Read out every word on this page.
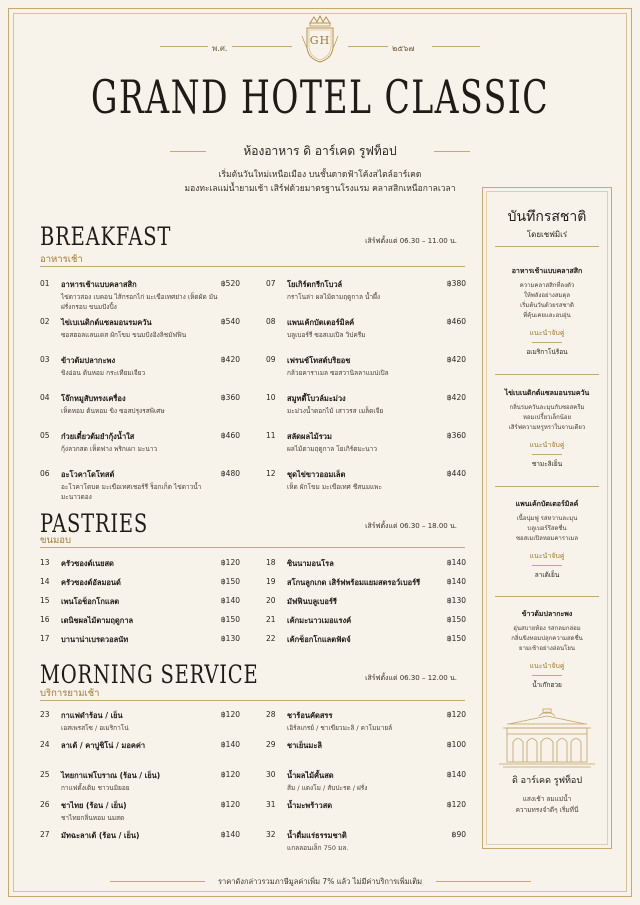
GH
พ.ศ.	๒๕๖๗
GRAND HOTEL CLASSIC
ห้องอาหาร ดิ อาร์เคด รูฟท็อป
เริ่มต้นวันใหม่เหนือเมือง บนชั้นดาดฟ้าโค้งสไตล์อาร์เคด
มองทะเลแม่น้ำยามเช้า เสิร์ฟด้วยมาตรฐานโรงแรม คลาสสิกเหนือกาลเวลา
BREAKFAST	เสิร์ฟตั้งแต่ 06.30 – 11.00 น.
อาหารเช้า
01 อาหารเช้าแบบคลาสสิก	฿520
ไข่ดาวสอง เบคอน ไส้กรอกไก่ มะเขือเทศย่าง เห็ดผัด มันฝรั่งกรอบ ขนมปังปิ้ง
02 ไข่เบเนดิกต์แซลมอนรมควัน	฿540
ซอสฮอลแลนเดส ผักโขม ขนมปังอิงลิชมัฟฟิน
03 ข้าวต้มปลากะพง	฿420
ขิงอ่อน ต้นหอม กระเทียมเจียว
04 โจ๊กหมูสับทรงเครื่อง	฿360
เห็ดหอม ต้นหอม ขิง ซอสปรุงรสพิเศษ
05 ก๋วยเตี๋ยวต้มยำกุ้งน้ำใส	฿460
กุ้งลวกสด เห็ดฟาง พริกเผา มะนาว
06 อะโวคาโดโทสต์	฿480
อะโวคาโดบด มะเขือเทศเชอร์รี ร็อกเก็ต ไข่ดาวน้ำ มะนาวดอง
07 โยเกิร์ตกรีกโบวล์	฿380
กราโนล่า ผลไม้ตามฤดูกาล น้ำผึ้ง
08 แพนเค้กบัตเตอร์มิลค์	฿460
บลูเบอร์รี ซอสเมเปิล วิปครีม
09 เฟรนช์โทสต์บริยอช	฿420
กล้วยคาราเมล ซอสวานิลลาแมปเปิล
10 สมูทตี้โบวล์มะม่วง	฿420
มะม่วงน้ำดอกไม้ เสาวรส เมล็ดเจีย
11 สลัดผลไม้รวม	฿360
ผลไม้ตามฤดูกาล โยเกิร์ตมะนาว
12 ชุดไข่ขาวออมเล็ต	฿440
เห็ด ผักโขม มะเขือเทศ ชีสนมแพะ
PASTRIES	เสิร์ฟตั้งแต่ 06.30 – 18.00 น.
ขนมอบ
13 ครัวซองต์เนยสด	฿120
14 ครัวซองต์อัลมอนด์	฿150
15 เพนโอช็อกโกแลต	฿140
16 เดนิชผลไม้ตามฤดูกาล	฿150
17 บานาน่าเบรดวอลนัท	฿130
18 ซินนามอนโรล	฿140
19 สโกนลูกเกด เสิร์ฟพร้อมแยมสตรอว์เบอร์รี	฿140
20 มัฟฟินบลูเบอร์รี	฿130
21 เค้กมะนาวเมอแรงค์	฿150
22 เค้กช็อกโกแลตฟัดจ์	฿150
MORNING SERVICE	เสิร์ฟตั้งแต่ 06.30 – 12.00 น.
บริการยามเช้า
23 กาแฟดำร้อน / เย็น	฿120
เอสเพรสโซ / อเมริกาโน่
24 ลาเต้ / คาปูชิโน่ / มอคค่า	฿140
25 ไทยกาแฟโบราณ (ร้อน / เย็น)	฿120
กาแฟดั้งเดิม ชาวนมิยอย
26 ชาไทย (ร้อน / เย็น)	฿120
ชาไทยกลิ่นหอม นมสด
27 มัทฉะลาเต้ (ร้อน / เย็น)	฿140
28 ชาร้อนคัดสรร	฿120
เอิร์ลเกรย์ / ชาเขียวมะลิ / คาโมมายล์
29 ชาเย็นมะลิ	฿100
30 น้ำผลไม้คั้นสด	฿140
ส้ม / แตงโม / สับปะรด / ฝรั่ง
31 น้ำมะพร้าวสด	฿120
32 น้ำดื่มแร่ธรรมชาติ	฿90
แกลลอนเล็ก 750 มล.
ราคาดังกล่าวรวมภาษีมูลค่าเพิ่ม 7% แล้ว ไม่มีค่าบริการเพิ่มเติม
บันทึกรสชาติ
โดยเชฟมิเร่
อาหารเช้าแบบคลาสสิก
ความคลาสสิกที่ลงตัว
ให้พลังอย่างสมดุล
เริ่มต้นวันด้วยรสชาติ
ที่คุ้นเคยและอบอุ่น
แนะนำจับคู่
อเมริกาโน่ร้อน
ไข่เบเนดิกต์แซลมอนรมควัน
กลิ่นรมควันละมุนกับซอสครีม
หอมเปรี้ยวเล็กน้อย
เสิร์ฟความหรูหราในจานเดียว
แนะนำจับคู่
ชามะลิเย็น
แพนเค้กบัตเตอร์มิลค์
เนื้อนุ่มฟู รสหวานละมุน
บลูเบอร์รีสดชื่น
ซอสเมเปิลหอมคาราเมล
แนะนำจับคู่
ลาเต้เย็น
ข้าวต้มปลากะพง
อุ่นสบายท้อง รสกลมกล่อม
กลิ่นขิงหอมปลุกความสดชื่น
ยามเช้าอย่างอ่อนโยน
แนะนำจับคู่
น้ำเก๊กฮวย
ดิ อาร์เคด รูฟท็อป
แสงเช้า ลมแม่น้ำ
ความทรงจำดีๆ เริ่มที่นี่
